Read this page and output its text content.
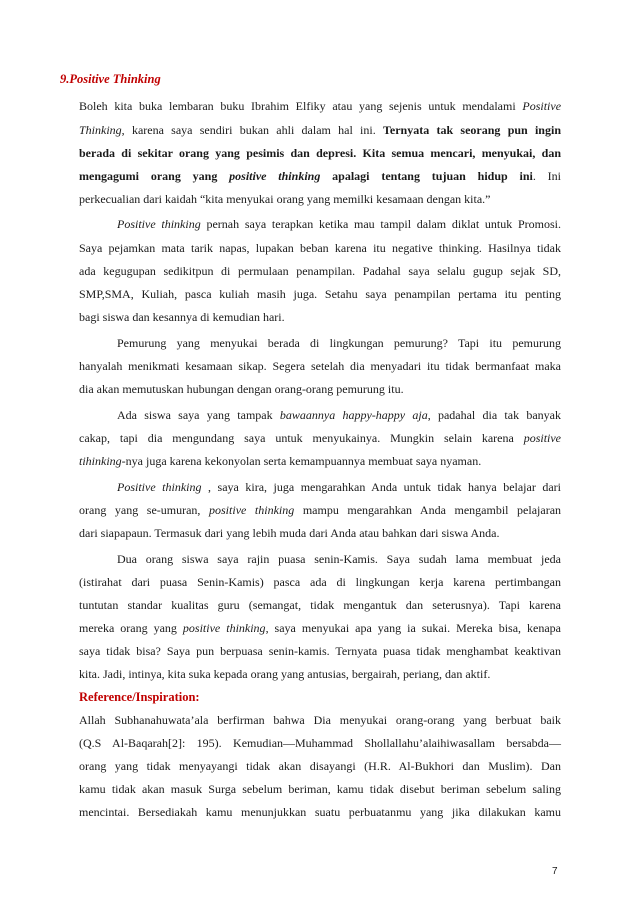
9.Positive Thinking
Boleh kita buka lembaran buku Ibrahim Elfiky atau yang sejenis untuk mendalami Positive
Thinking, karena saya sendiri bukan ahli dalam hal ini. Ternyata tak seorang pun ingin
berada di sekitar orang yang pesimis dan depresi. Kita semua mencari, menyukai, dan
mengagumi orang yang positive thinking apalagi tentang tujuan hidup ini. Ini
perkecualian dari kaidah “kita menyukai orang yang memilki kesamaan dengan kita.”
Positive thinking pernah saya terapkan ketika mau tampil dalam diklat untuk Promosi.
Saya pejamkan mata tarik napas, lupakan beban karena itu negative thinking. Hasilnya tidak
ada kegugupan sedikitpun di permulaan penampilan. Padahal saya selalu gugup sejak SD,
SMP,SMA, Kuliah, pasca kuliah masih juga. Setahu saya penampilan pertama itu penting
bagi siswa dan kesannya di kemudian hari.
Pemurung yang menyukai berada di lingkungan pemurung? Tapi itu pemurung
hanyalah menikmati kesamaan sikap. Segera setelah dia menyadari itu tidak bermanfaat maka
dia akan memutuskan hubungan dengan orang-orang pemurung itu.
Ada siswa saya yang tampak bawaannya happy-happy aja, padahal dia tak banyak
cakap, tapi dia mengundang saya untuk menyukainya. Mungkin selain karena positive
tihinking-nya juga karena kekonyolan serta kemampuannya membuat saya nyaman.
Positive thinking , saya kira, juga mengarahkan Anda untuk tidak hanya belajar dari
orang yang se-umuran, positive thinking mampu mengarahkan Anda mengambil pelajaran
dari siapapaun. Termasuk dari yang lebih muda dari Anda atau bahkan dari siswa Anda.
Dua orang siswa saya rajin puasa senin-Kamis. Saya sudah lama membuat jeda
(istirahat dari puasa Senin-Kamis) pasca ada di lingkungan kerja karena pertimbangan
tuntutan standar kualitas guru (semangat, tidak mengantuk dan seterusnya). Tapi karena
mereka orang yang positive thinking, saya menyukai apa yang ia sukai. Mereka bisa, kenapa
saya tidak bisa? Saya pun berpuasa senin-kamis. Ternyata puasa tidak menghambat keaktivan
kita. Jadi, intinya, kita suka kepada orang yang antusias, bergairah, periang, dan aktif.
Reference/Inspiration:
Allah Subhanahuwata’ala berfirman bahwa Dia menyukai orang-orang yang berbuat baik
(Q.S Al-Baqarah[2]: 195). Kemudian—Muhammad Shollallahu’alaihiwasallam bersabda—
orang yang tidak menyayangi tidak akan disayangi (H.R. Al-Bukhori dan Muslim). Dan
kamu tidak akan masuk Surga sebelum beriman, kamu tidak disebut beriman sebelum saling
mencintai. Bersediakah kamu menunjukkan suatu perbuatanmu yang jika dilakukan kamu
7
